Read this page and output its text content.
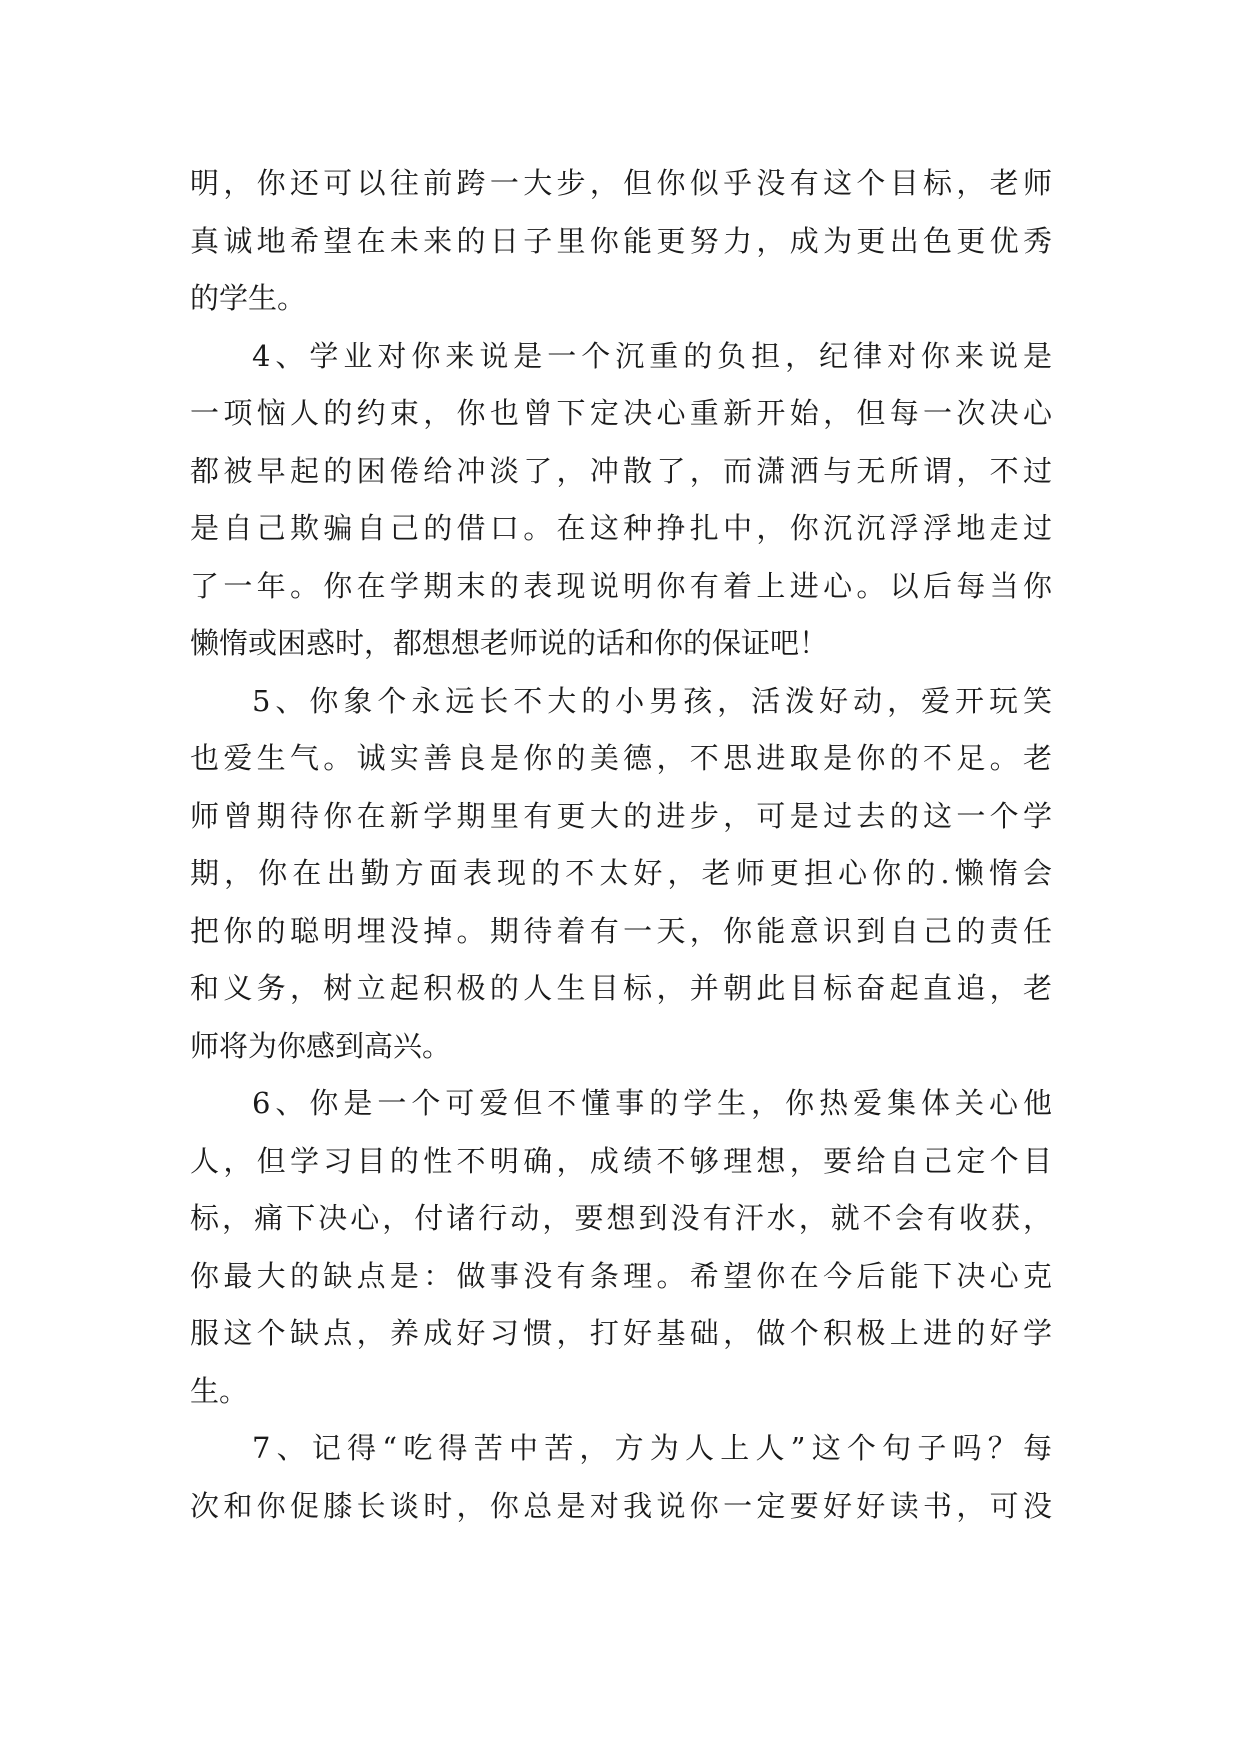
明，你还可以往前跨一大步，但你似乎没有这个目标，老师
真诚地希望在未来的日子里你能更努力，成为更出色更优秀
的学生。
4、学业对你来说是一个沉重的负担，纪律对你来说是
一项恼人的约束，你也曾下定决心重新开始，但每一次决心
都被早起的困倦给冲淡了，冲散了，而潇洒与无所谓，不过
是自己欺骗自己的借口。在这种挣扎中，你沉沉浮浮地走过
了一年。你在学期末的表现说明你有着上进心。以后每当你
懒惰或困惑时，都想想老师说的话和你的保证吧！
5、你象个永远长不大的小男孩，活泼好动，爱开玩笑
也爱生气。诚实善良是你的美德，不思进取是你的不足。老
师曾期待你在新学期里有更大的进步，可是过去的这一个学
期，你在出勤方面表现的不太好，老师更担心你的.懒惰会
把你的聪明埋没掉。期待着有一天，你能意识到自己的责任
和义务，树立起积极的人生目标，并朝此目标奋起直追，老
师将为你感到高兴。
6、你是一个可爱但不懂事的学生，你热爱集体关心他
人，但学习目的性不明确，成绩不够理想，要给自己定个目
标，痛下决心，付诸行动，要想到没有汗水，就不会有收获，
你最大的缺点是：做事没有条理。希望你在今后能下决心克
服这个缺点，养成好习惯，打好基础，做个积极上进的好学
生。
7、记得“吃得苦中苦，方为人上人”这个句子吗？每
次和你促膝长谈时，你总是对我说你一定要好好读书，可没
